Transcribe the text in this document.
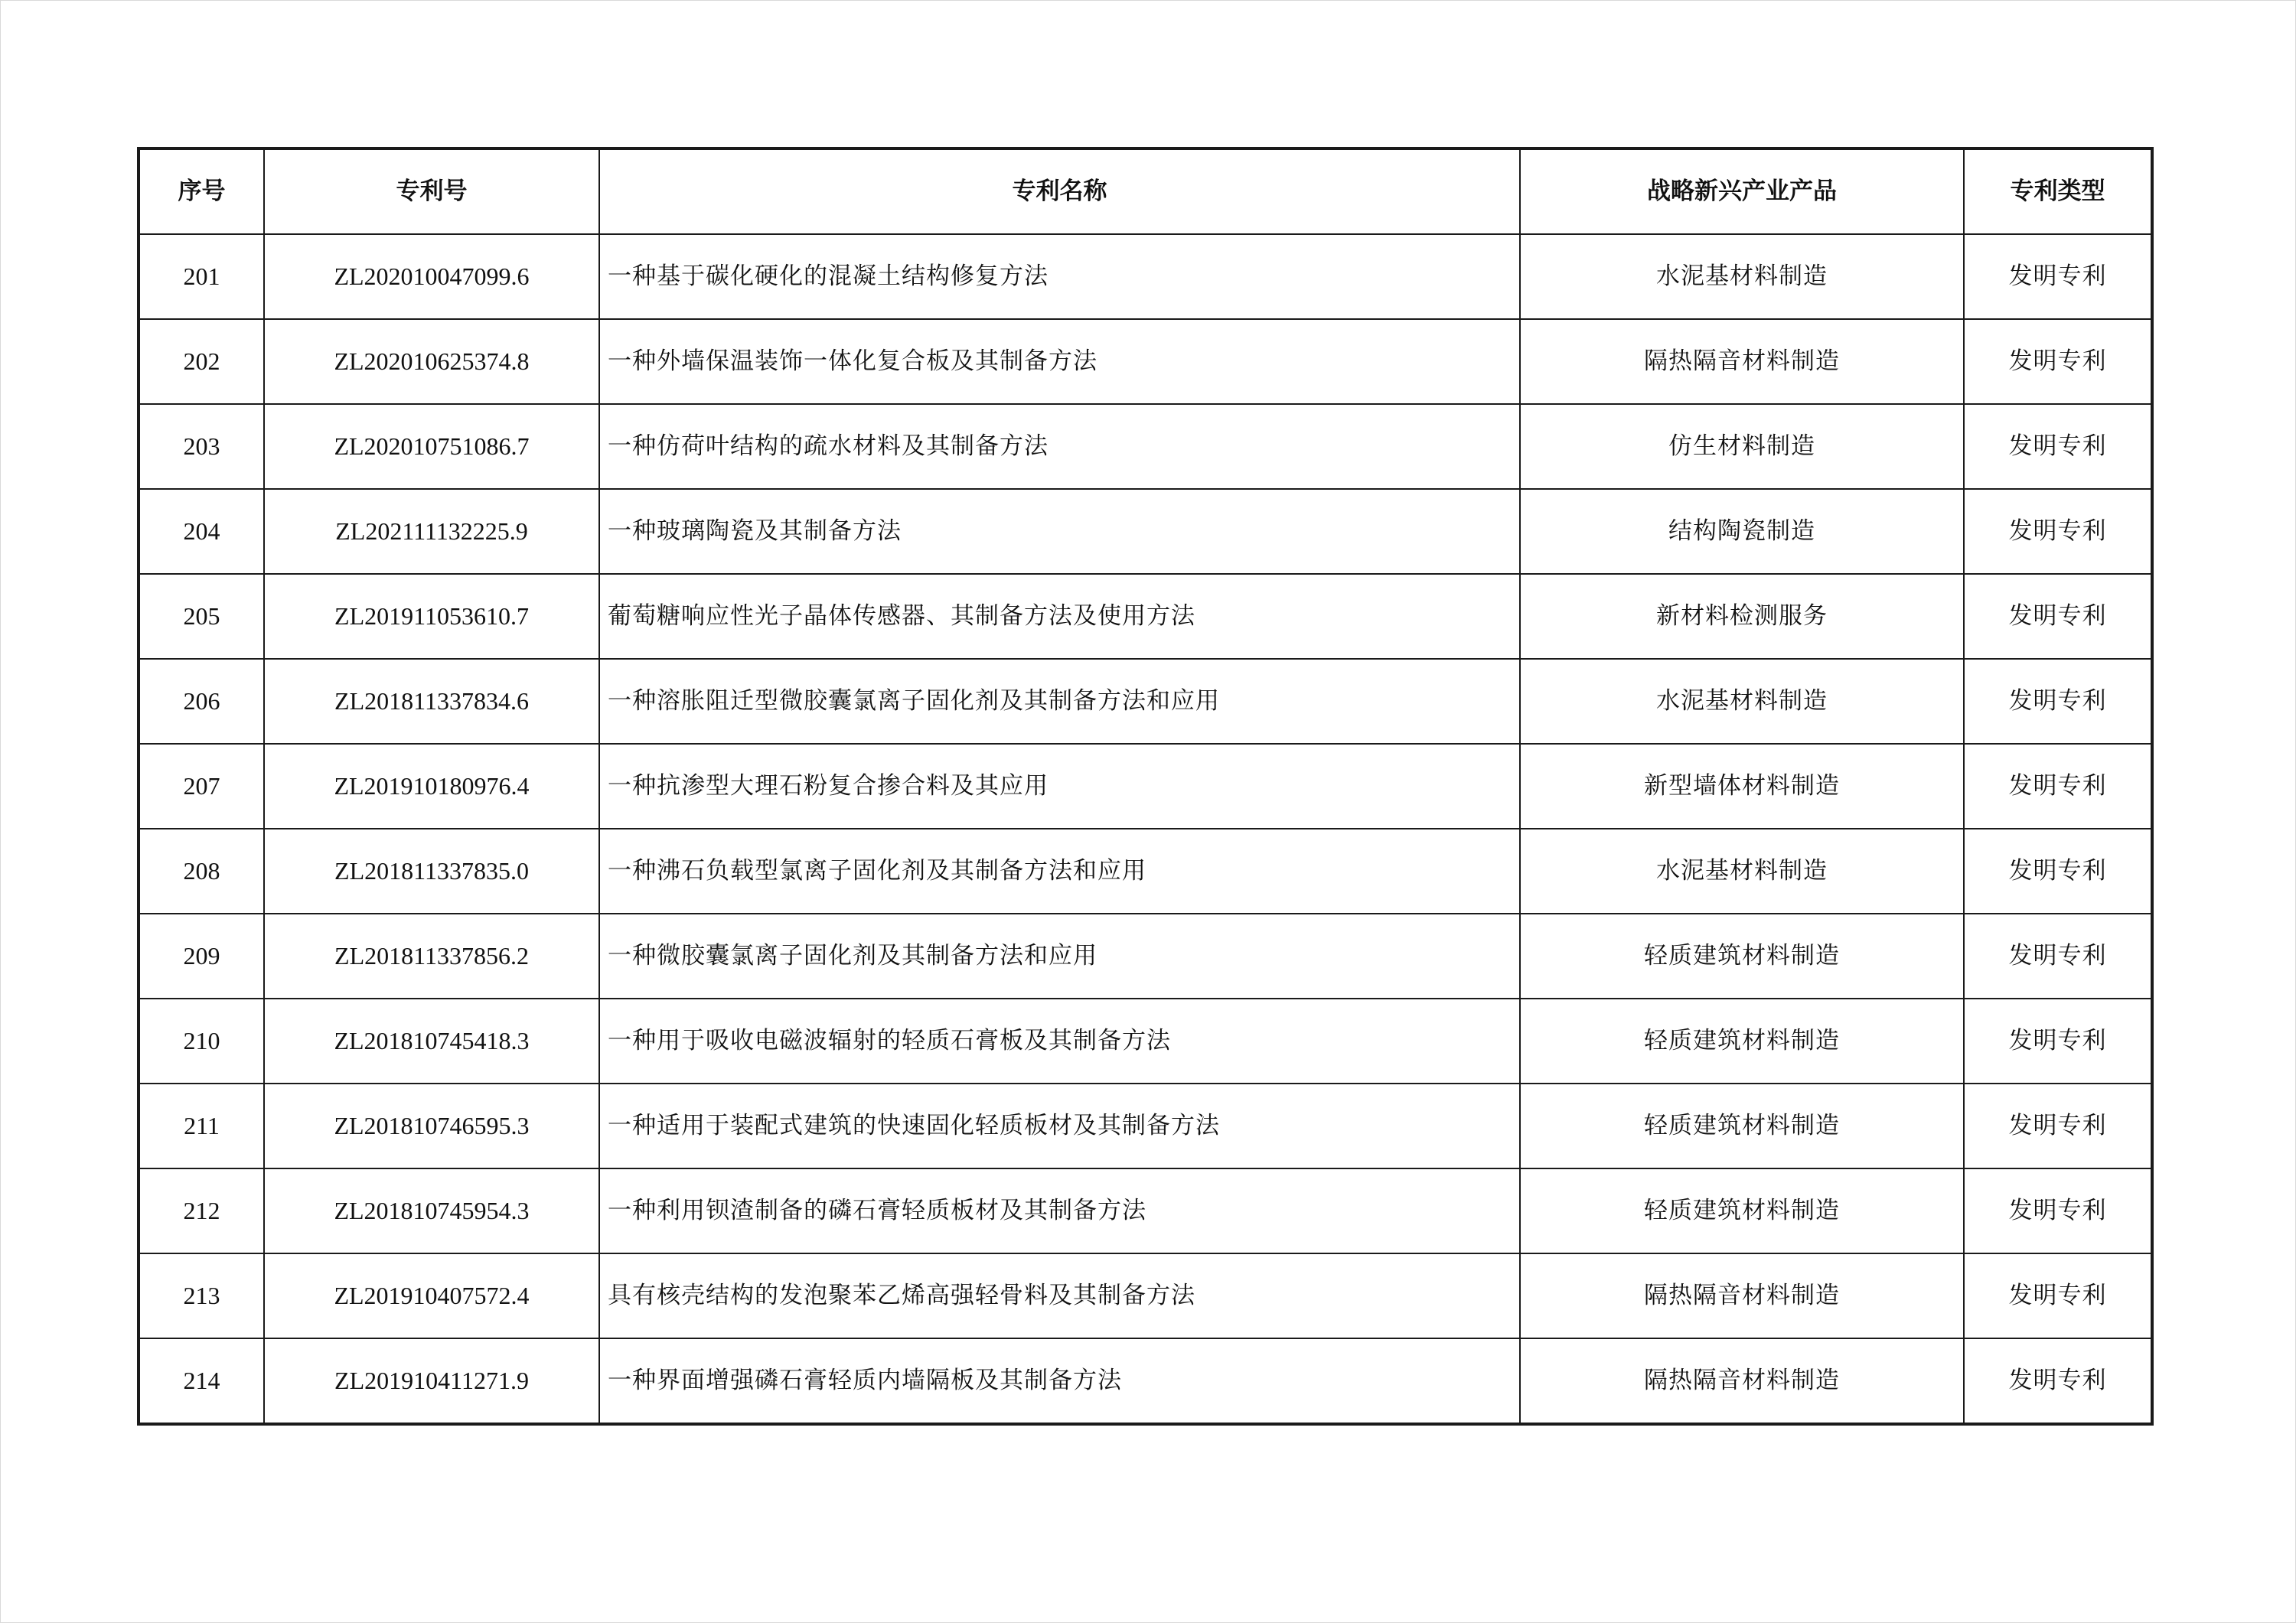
序号	专利号	专利名称	战略新兴产业产品	专利类型
201	ZL202010047099.6	一种基于碳化硬化的混凝土结构修复方法	水泥基材料制造	发明专利
202	ZL202010625374.8	一种外墙保温装饰一体化复合板及其制备方法	隔热隔音材料制造	发明专利
203	ZL202010751086.7	一种仿荷叶结构的疏水材料及其制备方法	仿生材料制造	发明专利
204	ZL202111132225.9	一种玻璃陶瓷及其制备方法	结构陶瓷制造	发明专利
205	ZL201911053610.7	葡萄糖响应性光子晶体传感器、其制备方法及使用方法	新材料检测服务	发明专利
206	ZL201811337834.6	一种溶胀阻迁型微胶囊氯离子固化剂及其制备方法和应用	水泥基材料制造	发明专利
207	ZL201910180976.4	一种抗渗型大理石粉复合掺合料及其应用	新型墙体材料制造	发明专利
208	ZL201811337835.0	一种沸石负载型氯离子固化剂及其制备方法和应用	水泥基材料制造	发明专利
209	ZL201811337856.2	一种微胶囊氯离子固化剂及其制备方法和应用	轻质建筑材料制造	发明专利
210	ZL201810745418.3	一种用于吸收电磁波辐射的轻质石膏板及其制备方法	轻质建筑材料制造	发明专利
211	ZL201810746595.3	一种适用于装配式建筑的快速固化轻质板材及其制备方法	轻质建筑材料制造	发明专利
212	ZL201810745954.3	一种利用钡渣制备的磷石膏轻质板材及其制备方法	轻质建筑材料制造	发明专利
213	ZL201910407572.4	具有核壳结构的发泡聚苯乙烯高强轻骨料及其制备方法	隔热隔音材料制造	发明专利
214	ZL201910411271.9	一种界面增强磷石膏轻质内墙隔板及其制备方法	隔热隔音材料制造	发明专利
